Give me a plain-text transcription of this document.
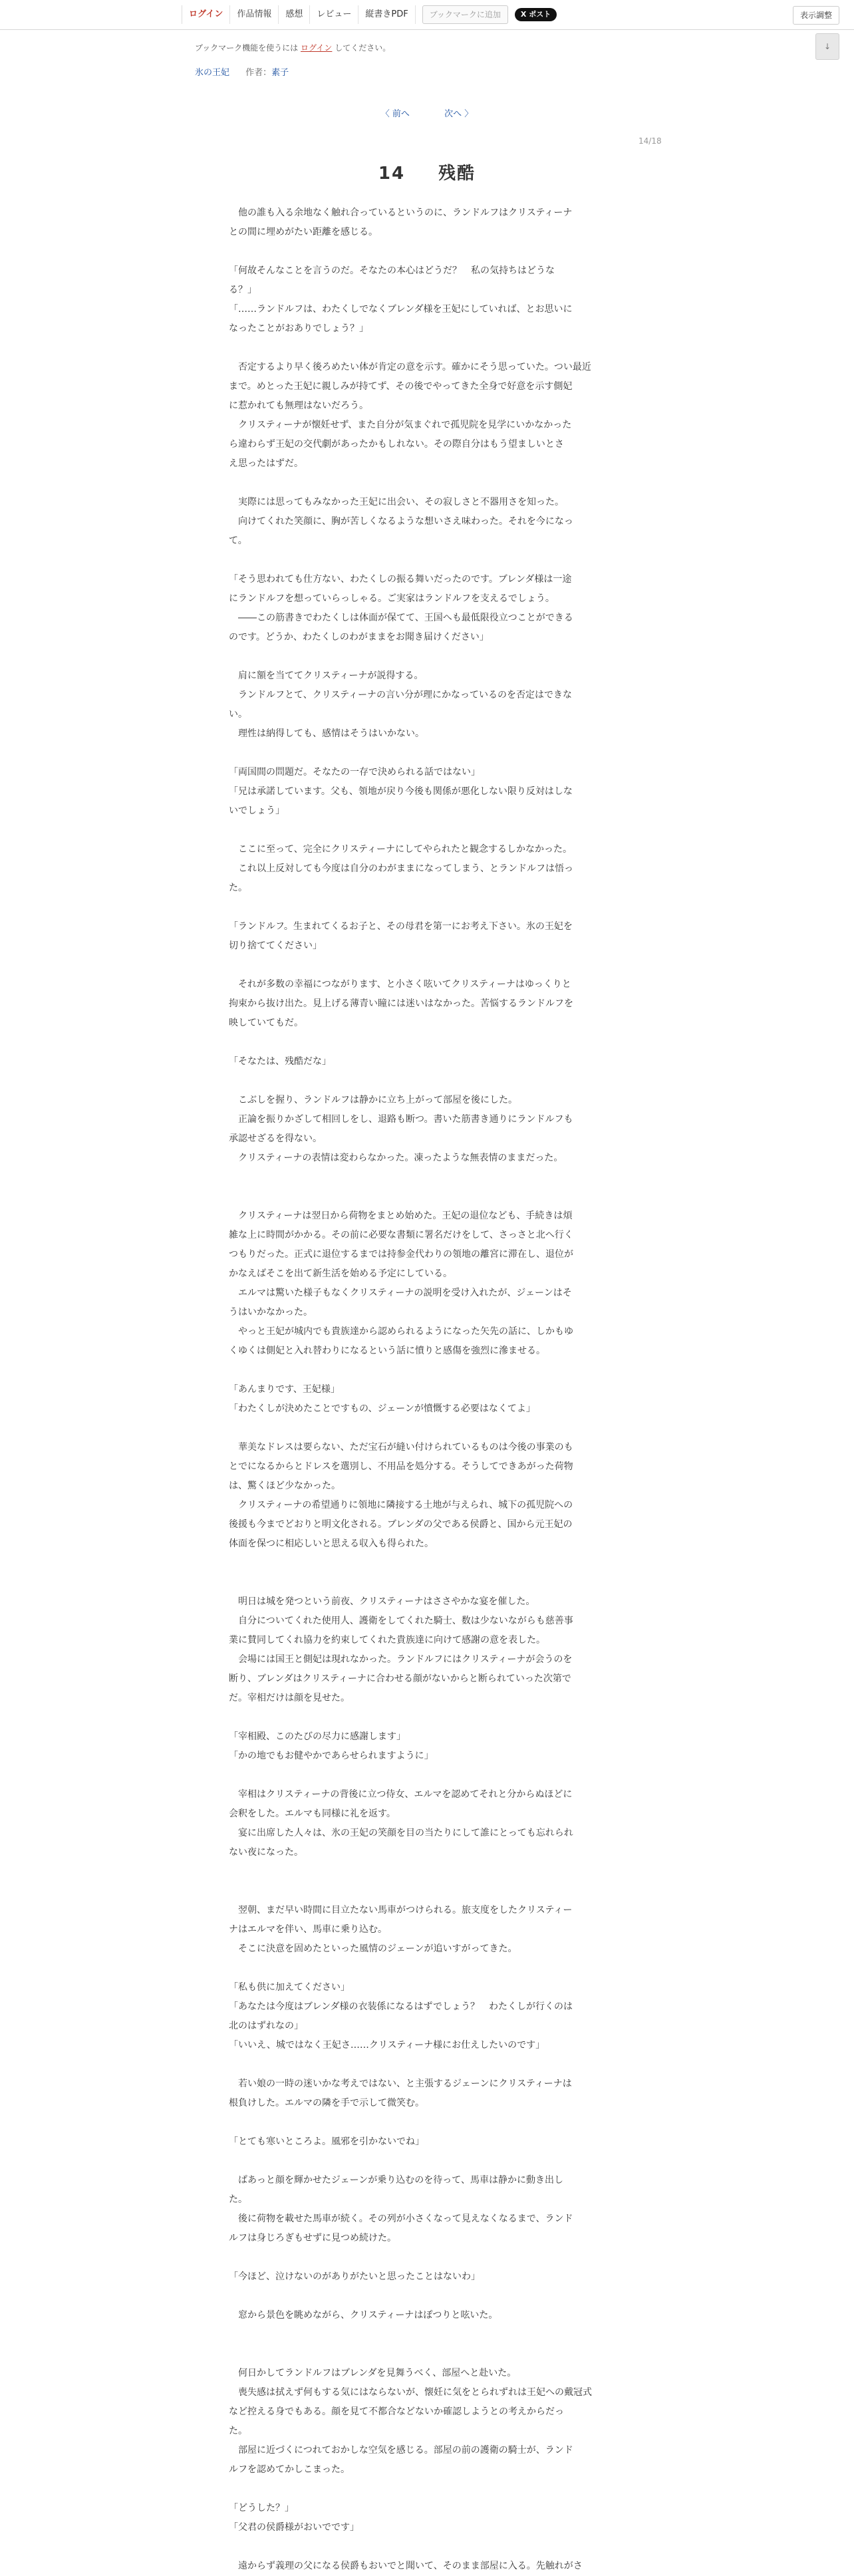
ログイン	作品情報	感想	レビュー	縦書きPDF	ブックマークに追加	X ポスト	表示調整
↓
ブックマーク機能を使うには ログイン してください。
氷の王妃 作者：素子
〈 前へ	次へ 〉
14/18
14 残酷

　他の誰も入る余地なく触れ合っているというのに、ランドルフはクリスティーナ

との間に埋めがたい距離を感じる。

「何故そんなことを言うのだ。そなたの本心はどうだ？　私の気持ちはどうな

る？」

「……ランドルフは、わたくしでなくブレンダ様を王妃にしていれば、とお思いに

なったことがおありでしょう？」

　否定するより早く後ろめたい体が肯定の意を示す。確かにそう思っていた。つい最近

まで。めとった王妃に親しみが持てず、その後でやってきた全身で好意を示す側妃

に惹かれても無理はないだろう。

　クリスティーナが懐妊せず、また自分が気まぐれで孤児院を見学にいかなかった

ら違わらず王妃の交代劇があったかもしれない。その際自分はもう望ましいとさ

え思ったはずだ。

　実際には思ってもみなかった王妃に出会い、その寂しさと不器用さを知った。

　向けてくれた笑顔に、胸が苦しくなるような想いさえ味わった。それを今になっ

て。

「そう思われても仕方ない、わたくしの振る舞いだったのです。ブレンダ様は一途

にランドルフを想っていらっしゃる。ご実家はランドルフを支えるでしょう。

　――この筋書きでわたくしは体面が保てて、王国へも最低限役立つことができる

のです。どうか、わたくしのわがままをお聞き届けください」

　肩に額を当ててクリスティーナが説得する。

　ランドルフとて、クリスティーナの言い分が理にかなっているのを否定はできな

い。

　理性は納得しても、感情はそうはいかない。

「両国間の問題だ。そなたの一存で決められる話ではない」

「兄は承諾しています。父も、領地が戻り今後も関係が悪化しない限り反対はしな

いでしょう」

　ここに至って、完全にクリスティーナにしてやられたと観念するしかなかった。

　これ以上反対しても今度は自分のわがままになってしまう、とランドルフは悟っ

た。

「ランドルフ。生まれてくるお子と、その母君を第一にお考え下さい。氷の王妃を

切り捨ててください」

　それが多数の幸福につながります、と小さく呟いてクリスティーナはゆっくりと

拘束から抜け出た。見上げる薄青い瞳には迷いはなかった。苦悩するランドルフを

映していてもだ。

「そなたは、残酷だな」

　こぶしを握り、ランドルフは静かに立ち上がって部屋を後にした。

　正論を振りかざして相回しをし、退路も断つ。書いた筋書き通りにランドルフも

承認せざるを得ない。

　クリスティーナの表情は変わらなかった。凍ったような無表情のままだった。

　クリスティーナは翌日から荷物をまとめ始めた。王妃の退位なども、手続きは煩

雑な上に時間がかかる。その前に必要な書類に署名だけをして、さっさと北へ行く

つもりだった。正式に退位するまでは持参金代わりの領地の離宮に滞在し、退位が

かなえばそこを出て新生活を始める予定にしている。

　エルマは驚いた様子もなくクリスティーナの説明を受け入れたが、ジェーンはそ

うはいかなかった。

　やっと王妃が城内でも貴族達から認められるようになった矢先の話に、しかもゆ

くゆくは側妃と入れ替わりになるという話に憤りと感傷を強烈に滲ませる。

「あんまりです、王妃様」

「わたくしが決めたことですもの、ジェーンが憤慨する必要はなくてよ」

　華美なドレスは要らない、ただ宝石が縫い付けられているものは今後の事業のも

とでになるからとドレスを選別し、不用品を処分する。そうしてできあがった荷物

は、驚くほど少なかった。

　クリスティーナの希望通りに領地に隣接する土地が与えられ、城下の孤児院への

後援も今までどおりと明文化される。ブレンダの父である侯爵と、国から元王妃の

体面を保つに相応しいと思える収入も得られた。

　明日は城を発つという前夜、クリスティーナはささやかな宴を催した。

　自分についてくれた使用人、護衛をしてくれた騎士、数は少ないながらも慈善事

業に賛同してくれ協力を約束してくれた貴族達に向けて感謝の意を表した。

　会場には国王と側妃は現れなかった。ランドルフにはクリスティーナが会うのを

断り、ブレンダはクリスティーナに合わせる顔がないからと断られていった次第で

だ。宰相だけは顔を見せた。

「宰相殿、このたびの尽力に感謝します」

「かの地でもお健やかであらせられますように」

　宰相はクリスティーナの背後に立つ侍女、エルマを認めてそれと分からぬほどに

会釈をした。エルマも同様に礼を返す。

　宴に出席した人々は、氷の王妃の笑顔を目の当たりにして誰にとっても忘れられ

ない夜になった。

　翌朝、まだ早い時間に目立たない馬車がつけられる。旅支度をしたクリスティー

ナはエルマを伴い、馬車に乗り込む。

　そこに決意を固めたといった風情のジェーンが追いすがってきた。

「私も供に加えてください」

「あなたは今度はブレンダ様の衣装係になるはずでしょう？　わたくしが行くのは

北のはずれなの」

「いいえ、城ではなく王妃さ……クリスティーナ様にお仕えしたいのです」

　若い娘の一時の迷いかな考えではない、と主張するジェーンにクリスティーナは

根負けした。エルマの隣を手で示して微笑む。

「とても寒いところよ。風邪を引かないでね」

　ぱあっと顔を輝かせたジェーンが乗り込むのを待って、馬車は静かに動き出し

た。

　後に荷物を載せた馬車が続く。その列が小さくなって見えなくなるまで、ランド

ルフは身じろぎもせずに見つめ続けた。

「今ほど、泣けないのがありがたいと思ったことはないわ」

　窓から景色を眺めながら、クリスティーナはぽつりと呟いた。

　何日かしてランドルフはブレンダを見舞うべく、部屋へと赴いた。

　喪失感は拭えず何もする気にはならないが、懐妊に気をとられずれは王妃への戴冠式

など控える身でもある。顔を見て不都合などないか確認しようとの考えからだっ

た。

　部屋に近づくにつれておかしな空気を感じる。部屋の前の護衛の騎士が、ランド

ルフを認めてかしこまった。

「どうした？」

「父君の侯爵様がおいでです」

　遠からず義理の父になる侯爵もおいでと聞いて、そのまま部屋に入る。先触れがさ
